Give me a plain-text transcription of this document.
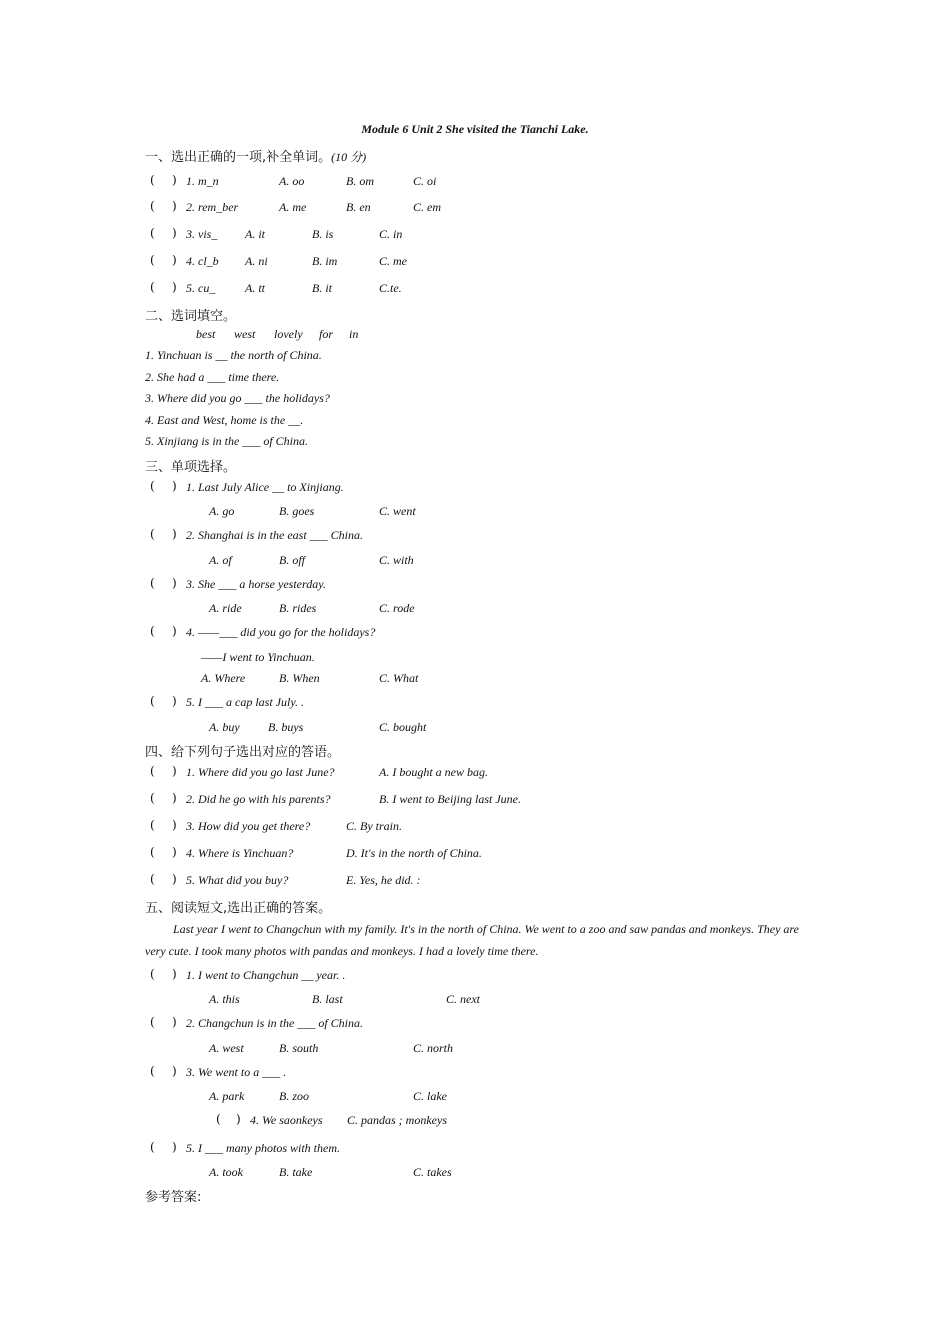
Module 6 Unit 2 She visited the Tianchi Lake.
一、选出正确的一项,补全单词。(10 分)
(	) 1. m_n	A. oo	B. om	C. oi
(	) 2. rem_ber	A. me	B. en	C. em
(	) 3. vis_ A. it	B. is	C. in
(	) 4. cl_b A. ni	B. im	C. me
(	) 5. cu_ A. tt	B. it	C.te.
二、选词填空。
best west lovely for in
1. Yinchuan is __ the north of China.
2. She had a ___ time there.
3. Where did you go ___ the holidays?
4. East and West, home is the __.
5. Xinjiang is in the ___ of China.
三、单项选择。
(	) 1. Last July Alice __ to Xinjiang.
A. go	B. goes	C. went
(	) 2. Shanghai is in the east ___ China.
A. of	B. off	C. with
(	) 3. She ___ a horse yesterday.
A. ride	B. rides	C. rode
(	) 4. ——___ did you go for the holidays?
——I went to Yinchuan.
A. Where	B. When	C. What
(	) 5. I ___ a cap last July. .
A. buy B. buys	C. bought
四、给下列句子选出对应的答语。
(	) 1. Where did you go last June?	A. I bought a new bag.
(	) 2. Did he go with his parents?	B. I went to Beijing last June.
(	) 3. How did you get there?	C. By train.
(	) 4. Where is Yinchuan?	D. It's in the north of China.
(	) 5. What did you buy?	E. Yes, he did. :
五、阅读短文,选出正确的答案。
Last year I went to Changchun with my family. It's in the north of China. We went to a zoo and saw pandas and monkeys. They are very cute. I took many photos with pandas and monkeys. I had a lovely time there.
(	) 1. I went to Changchun __ year. .
A. this	B. last	C. next
(	) 2. Changchun is in the ___ of China.
A. west	B. south	C. north
(	) 3. We went to a ___ .
A. park	B. zoo	C. lake
(	) 4. We saonkeys C. pandas ; monkeys
(	) 5. I ___ many photos with them.
A. took	B. take	C. takes
参考答案:
